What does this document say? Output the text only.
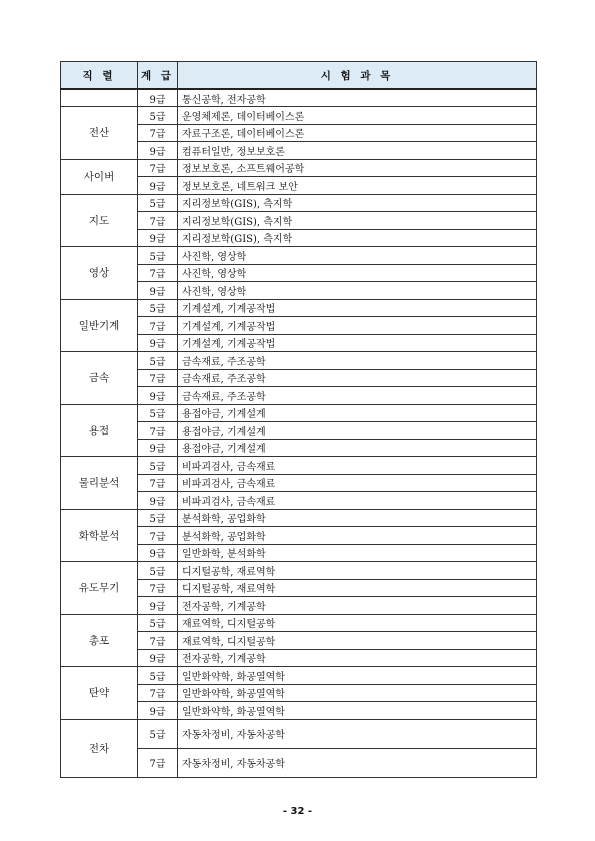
직 렬	계 급	시 험 과 목
	9급	통신공학, 전자공학
전산	5급	운영체제론, 데이터베이스론
	7급	자료구조론, 데이터베이스론
	9급	컴퓨터일반, 정보보호론
사이버	7급	정보보호론, 소프트웨어공학
	9급	정보보호론, 네트워크 보안
지도	5급	지리정보학(GIS), 측지학
	7급	지리정보학(GIS), 측지학
	9급	지리정보학(GIS), 측지학
영상	5급	사진학, 영상학
	7급	사진학, 영상학
	9급	사진학, 영상학
일반기계	5급	기계설계, 기계공작법
	7급	기계설계, 기계공작법
	9급	기계설계, 기계공작법
금속	5급	금속재료, 주조공학
	7급	금속재료, 주조공학
	9급	금속재료, 주조공학
용접	5급	용접야금, 기계설계
	7급	용접야금, 기계설계
	9급	용접야금, 기계설계
물리분석	5급	비파괴검사, 금속재료
	7급	비파괴검사, 금속재료
	9급	비파괴검사, 금속재료
화학분석	5급	분석화학, 공업화학
	7급	분석화학, 공업화학
	9급	일반화학, 분석화학
유도무기	5급	디지털공학, 재료역학
	7급	디지털공학, 재료역학
	9급	전자공학, 기계공학
총포	5급	재료역학, 디지털공학
	7급	재료역학, 디지털공학
	9급	전자공학, 기계공학
탄약	5급	일반화약학, 화공열역학
	7급	일반화약학, 화공열역학
	9급	일반화약학, 화공열역학
전차	5급	자동차정비, 자동차공학
	7급	자동차정비, 자동차공학
- 32 -
